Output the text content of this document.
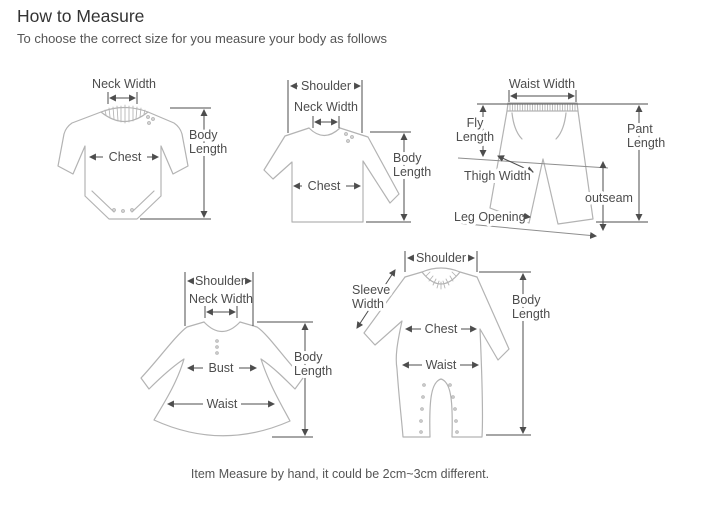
How to Measure
To choose the correct size for you measure your body as follows
Neck Width
Chest
Body
Length
Shoulder
Neck Width
Chest
Body
Length
Waist Width
Fly
Length
Pant
Length
Thigh Width
Leg Opening
outseam
Shoulder
Neck Width
Bust
Waist
Body
Length
Shoulder
Sleeve
Width
Chest
Waist
Body
Length
Item Measure by hand, it could be 2cm~3cm different.
